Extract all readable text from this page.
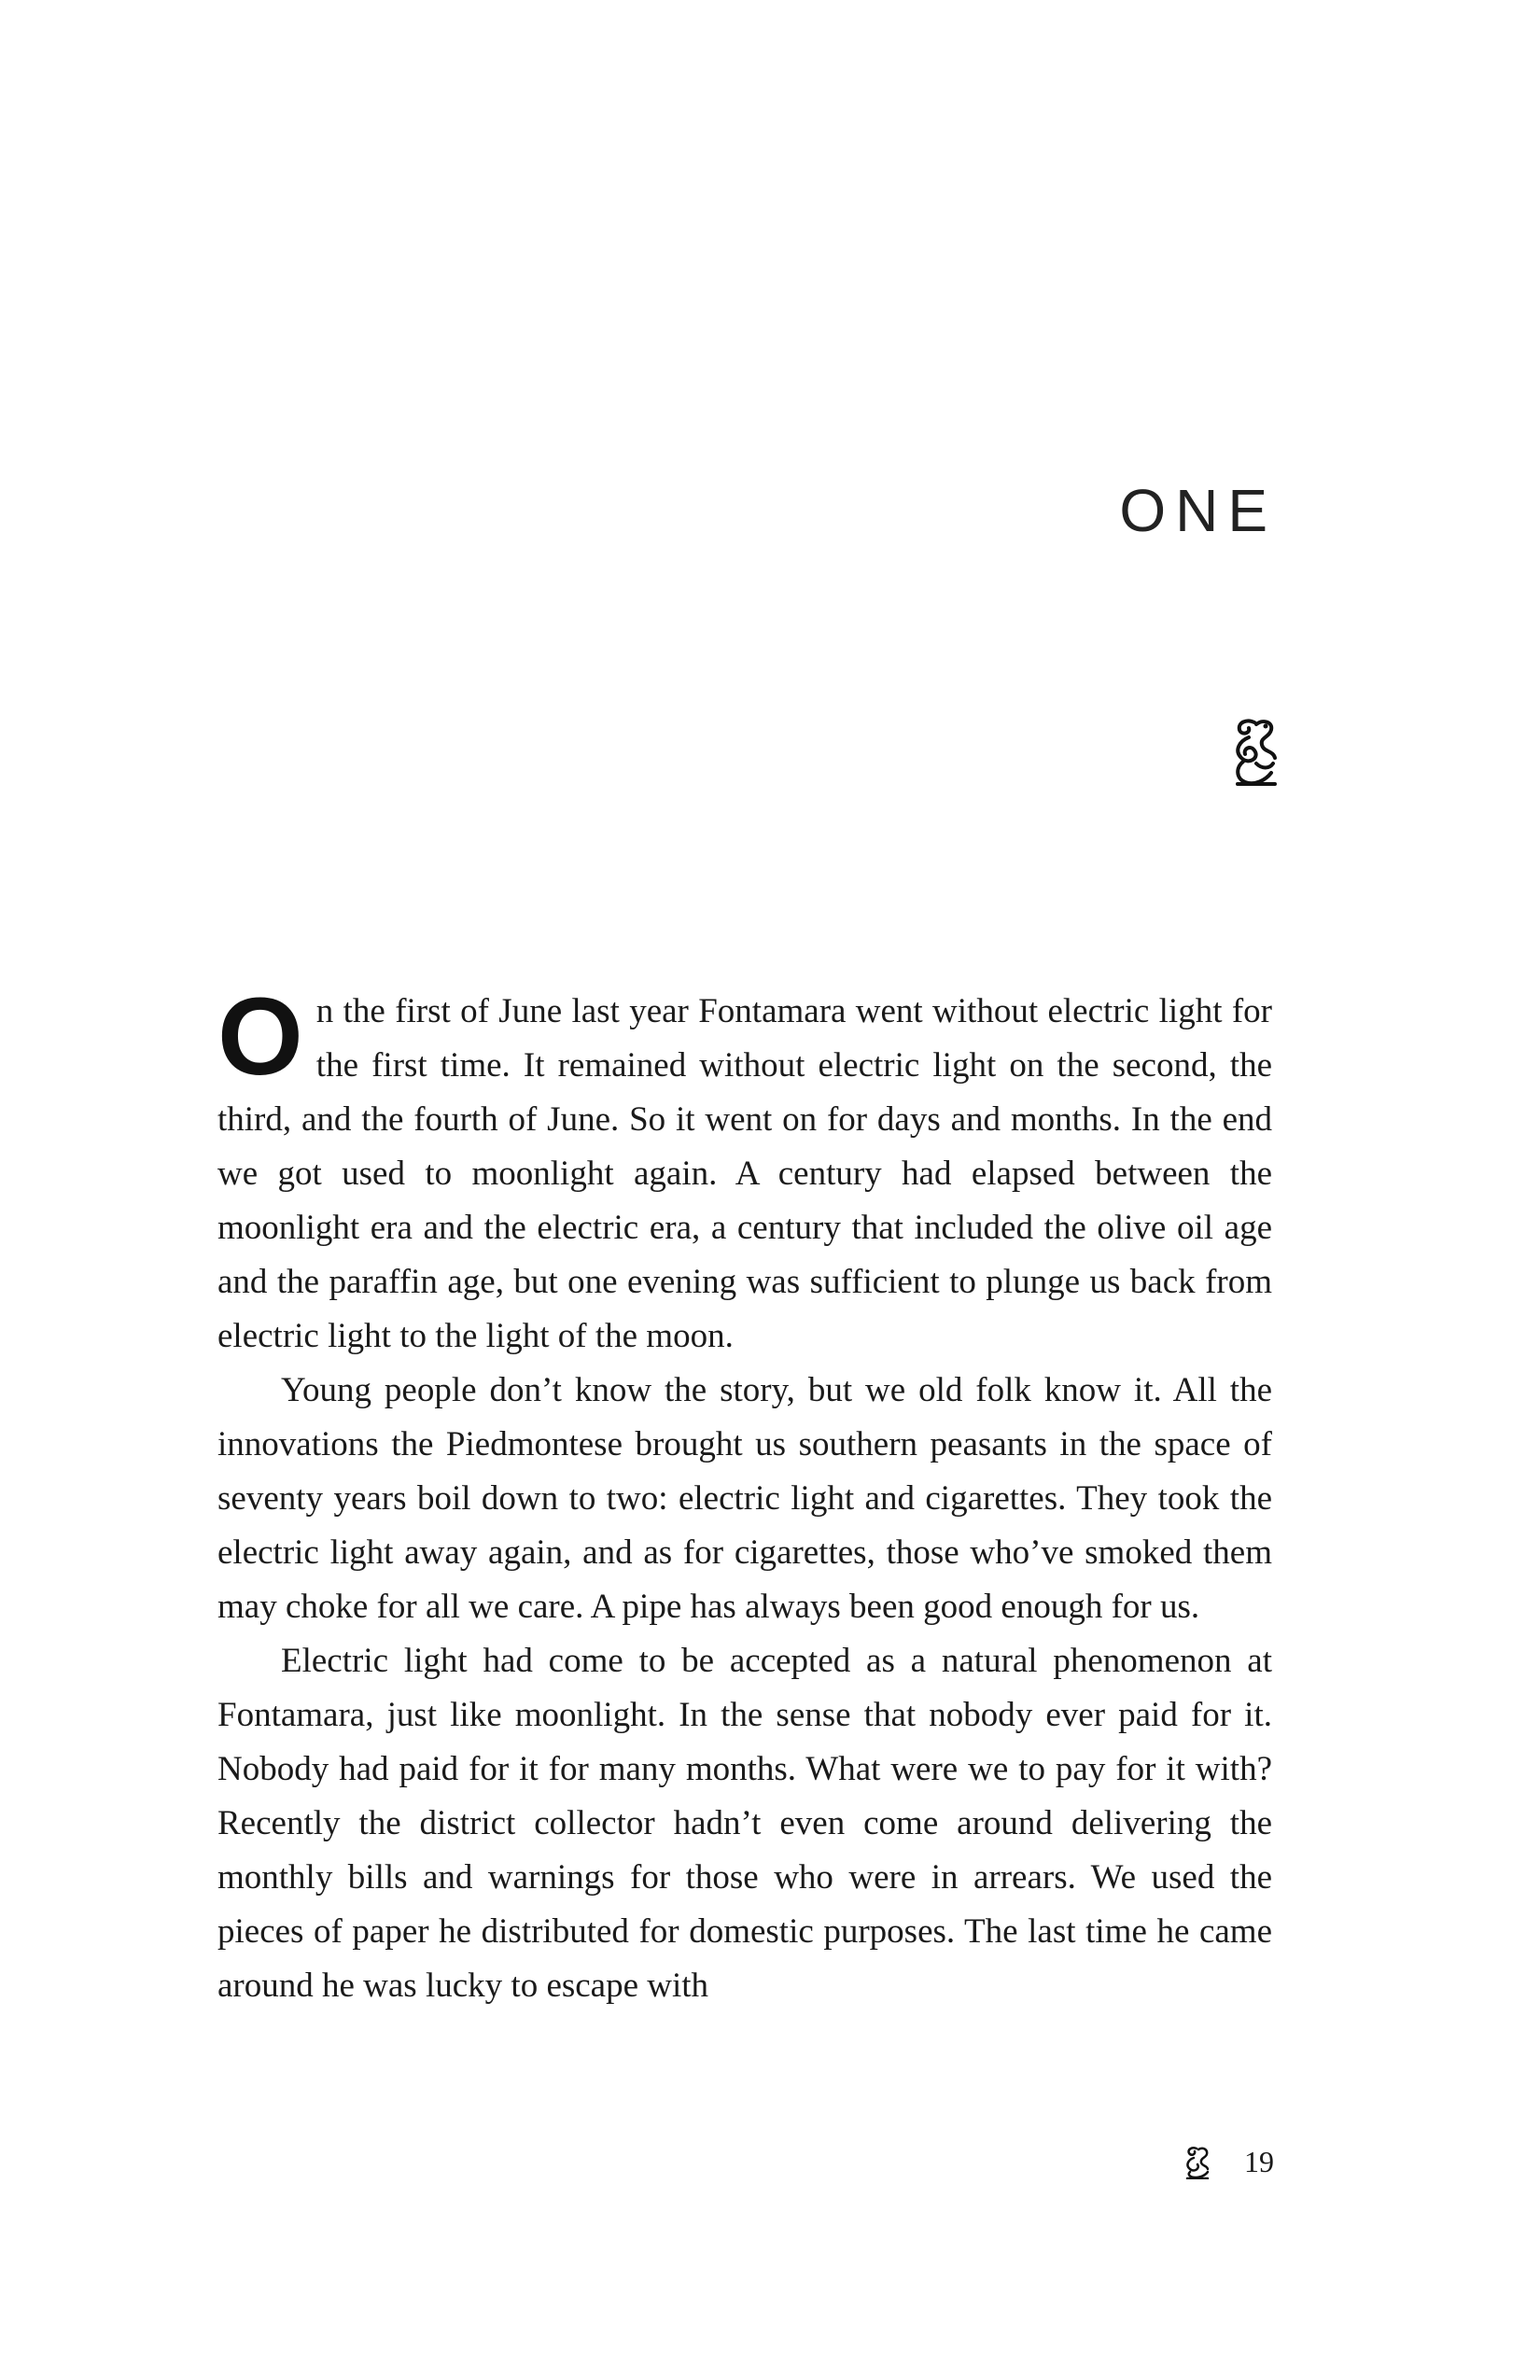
ONE

On the first of June last year Fontamara went without electric light for the first time. It remained without electric light on the second, the third, and the fourth of June. So it went on for days and months. In the end we got used to moonlight again. A century had elapsed between the moonlight era and the electric era, a century that included the olive oil age and the paraffin age, but one evening was sufficient to plunge us back from electric light to the light of the moon.

Young people don’t know the story, but we old folk know it. All the innovations the Piedmontese brought us southern peasants in the space of seventy years boil down to two: electric light and cigarettes. They took the electric light away again, and as for cigarettes, those who’ve smoked them may choke for all we care. A pipe has always been good enough for us.

Electric light had come to be accepted as a natural phenomenon at Fontamara, just like moonlight. In the sense that nobody ever paid for it. Nobody had paid for it for many months. What were we to pay for it with? Recently the district collector hadn’t even come around delivering the monthly bills and warnings for those who were in arrears. We used the pieces of paper he distributed for domestic purposes. The last time he came around he was lucky to escape with

19
